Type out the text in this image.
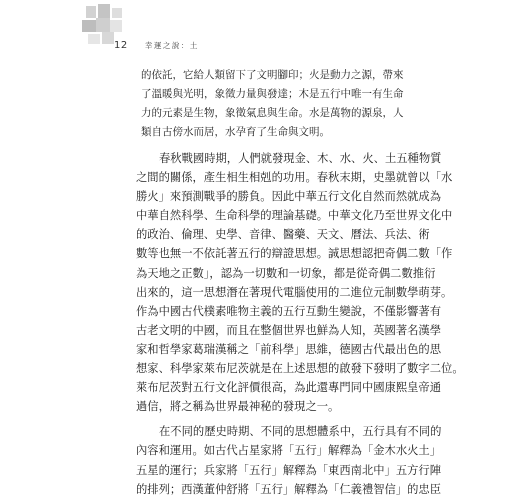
12 幸運之說：土
的依託，它給人類留下了文明腳印；火是動力之源，帶來
了溫暖與光明，象徵力量與發達；木是五行中唯一有生命
力的元素是生物，象徵氣息與生命。水是萬物的源泉，人
類自古傍水而居，水孕育了生命與文明。
春秋戰國時期，人們就發現金、木、水、火、土五種物質
之間的關係，產生相生相剋的功用。春秋末期，史墨就曾以「水
勝火」來預測戰爭的勝負。因此中華五行文化自然而然就成為
中華自然科學、生命科學的理論基礎。中華文化乃至世界文化中
的政治、倫理、史學、音律、醫藥、天文、曆法、兵法、術
數等也無一不依託著五行的辯證思想。誠思想認把奇偶二數「作
為天地之正數」，認為一切數和一切象，都是從奇偶二數推衍
出來的，這一思想潛在著現代電腦使用的二進位元制數學萌芽。
作為中國古代樸素唯物主義的五行互動生變說，不僅影響著有
古老文明的中國，而且在整個世界也鮮為人知，英國著名漢學
家和哲學家葛瑞漢稱之「前科學」思維，德國古代最出色的思
想家、科學家萊布尼茨就是在上述思想的啟發下發明了數字二位。
萊布尼茨對五行文化評價很高，為此還專門同中國康熙皇帝通
過信，將之稱為世界最神秘的發現之一。
在不同的歷史時期、不同的思想體系中，五行具有不同的
內容和運用。如古代占星家將「五行」解釋為「金木水火土」
五星的運行；兵家將「五行」解釋為「東西南北中」五方行陣
的排列；西漢董仲舒將「五行」解釋為「仁義禮智信」的忠臣
